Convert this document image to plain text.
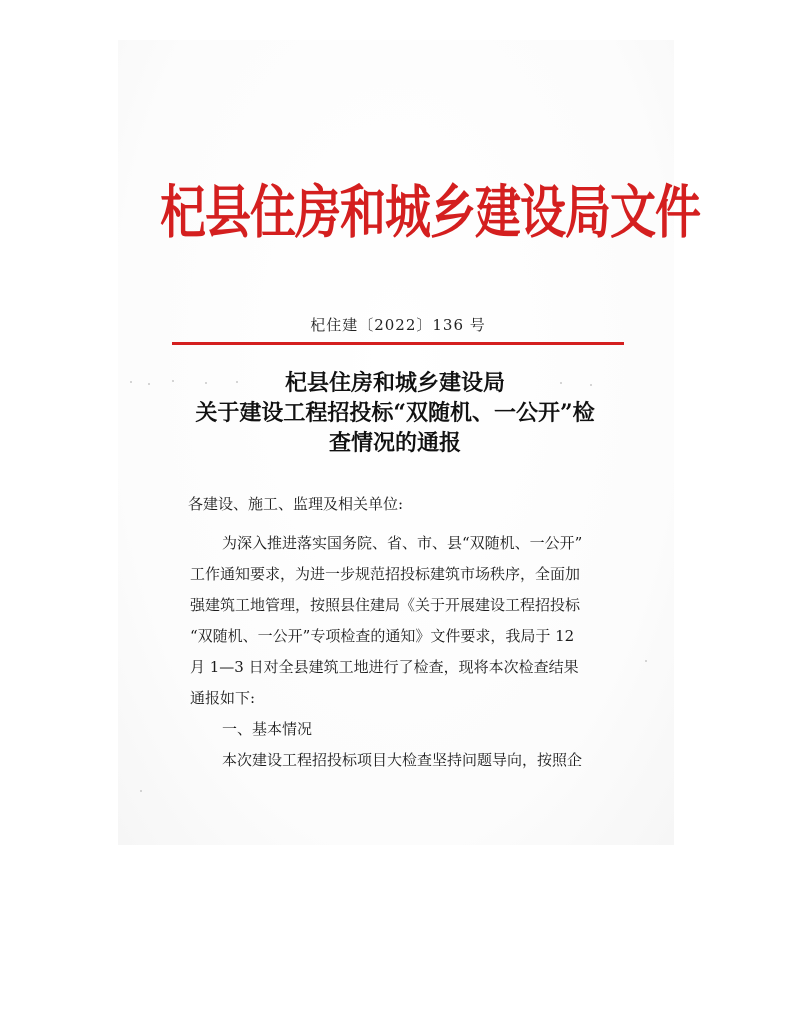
杞县住房和城乡建设局文件
杞住建〔2022〕136 号
杞县住房和城乡建设局
关于建设工程招投标“双随机、一公开”检
查情况的通报
各建设、施工、监理及相关单位:
为深入推进落实国务院、省、市、县“双随机、一公开”
工作通知要求，为进一步规范招投标建筑市场秩序，全面加
强建筑工地管理，按照县住建局《关于开展建设工程招投标
“双随机、一公开”专项检查的通知》文件要求，我局于 12
月 1—3 日对全县建筑工地进行了检查，现将本次检查结果
通报如下:
一、基本情况
本次建设工程招投标项目大检查坚持问题导向，按照企
